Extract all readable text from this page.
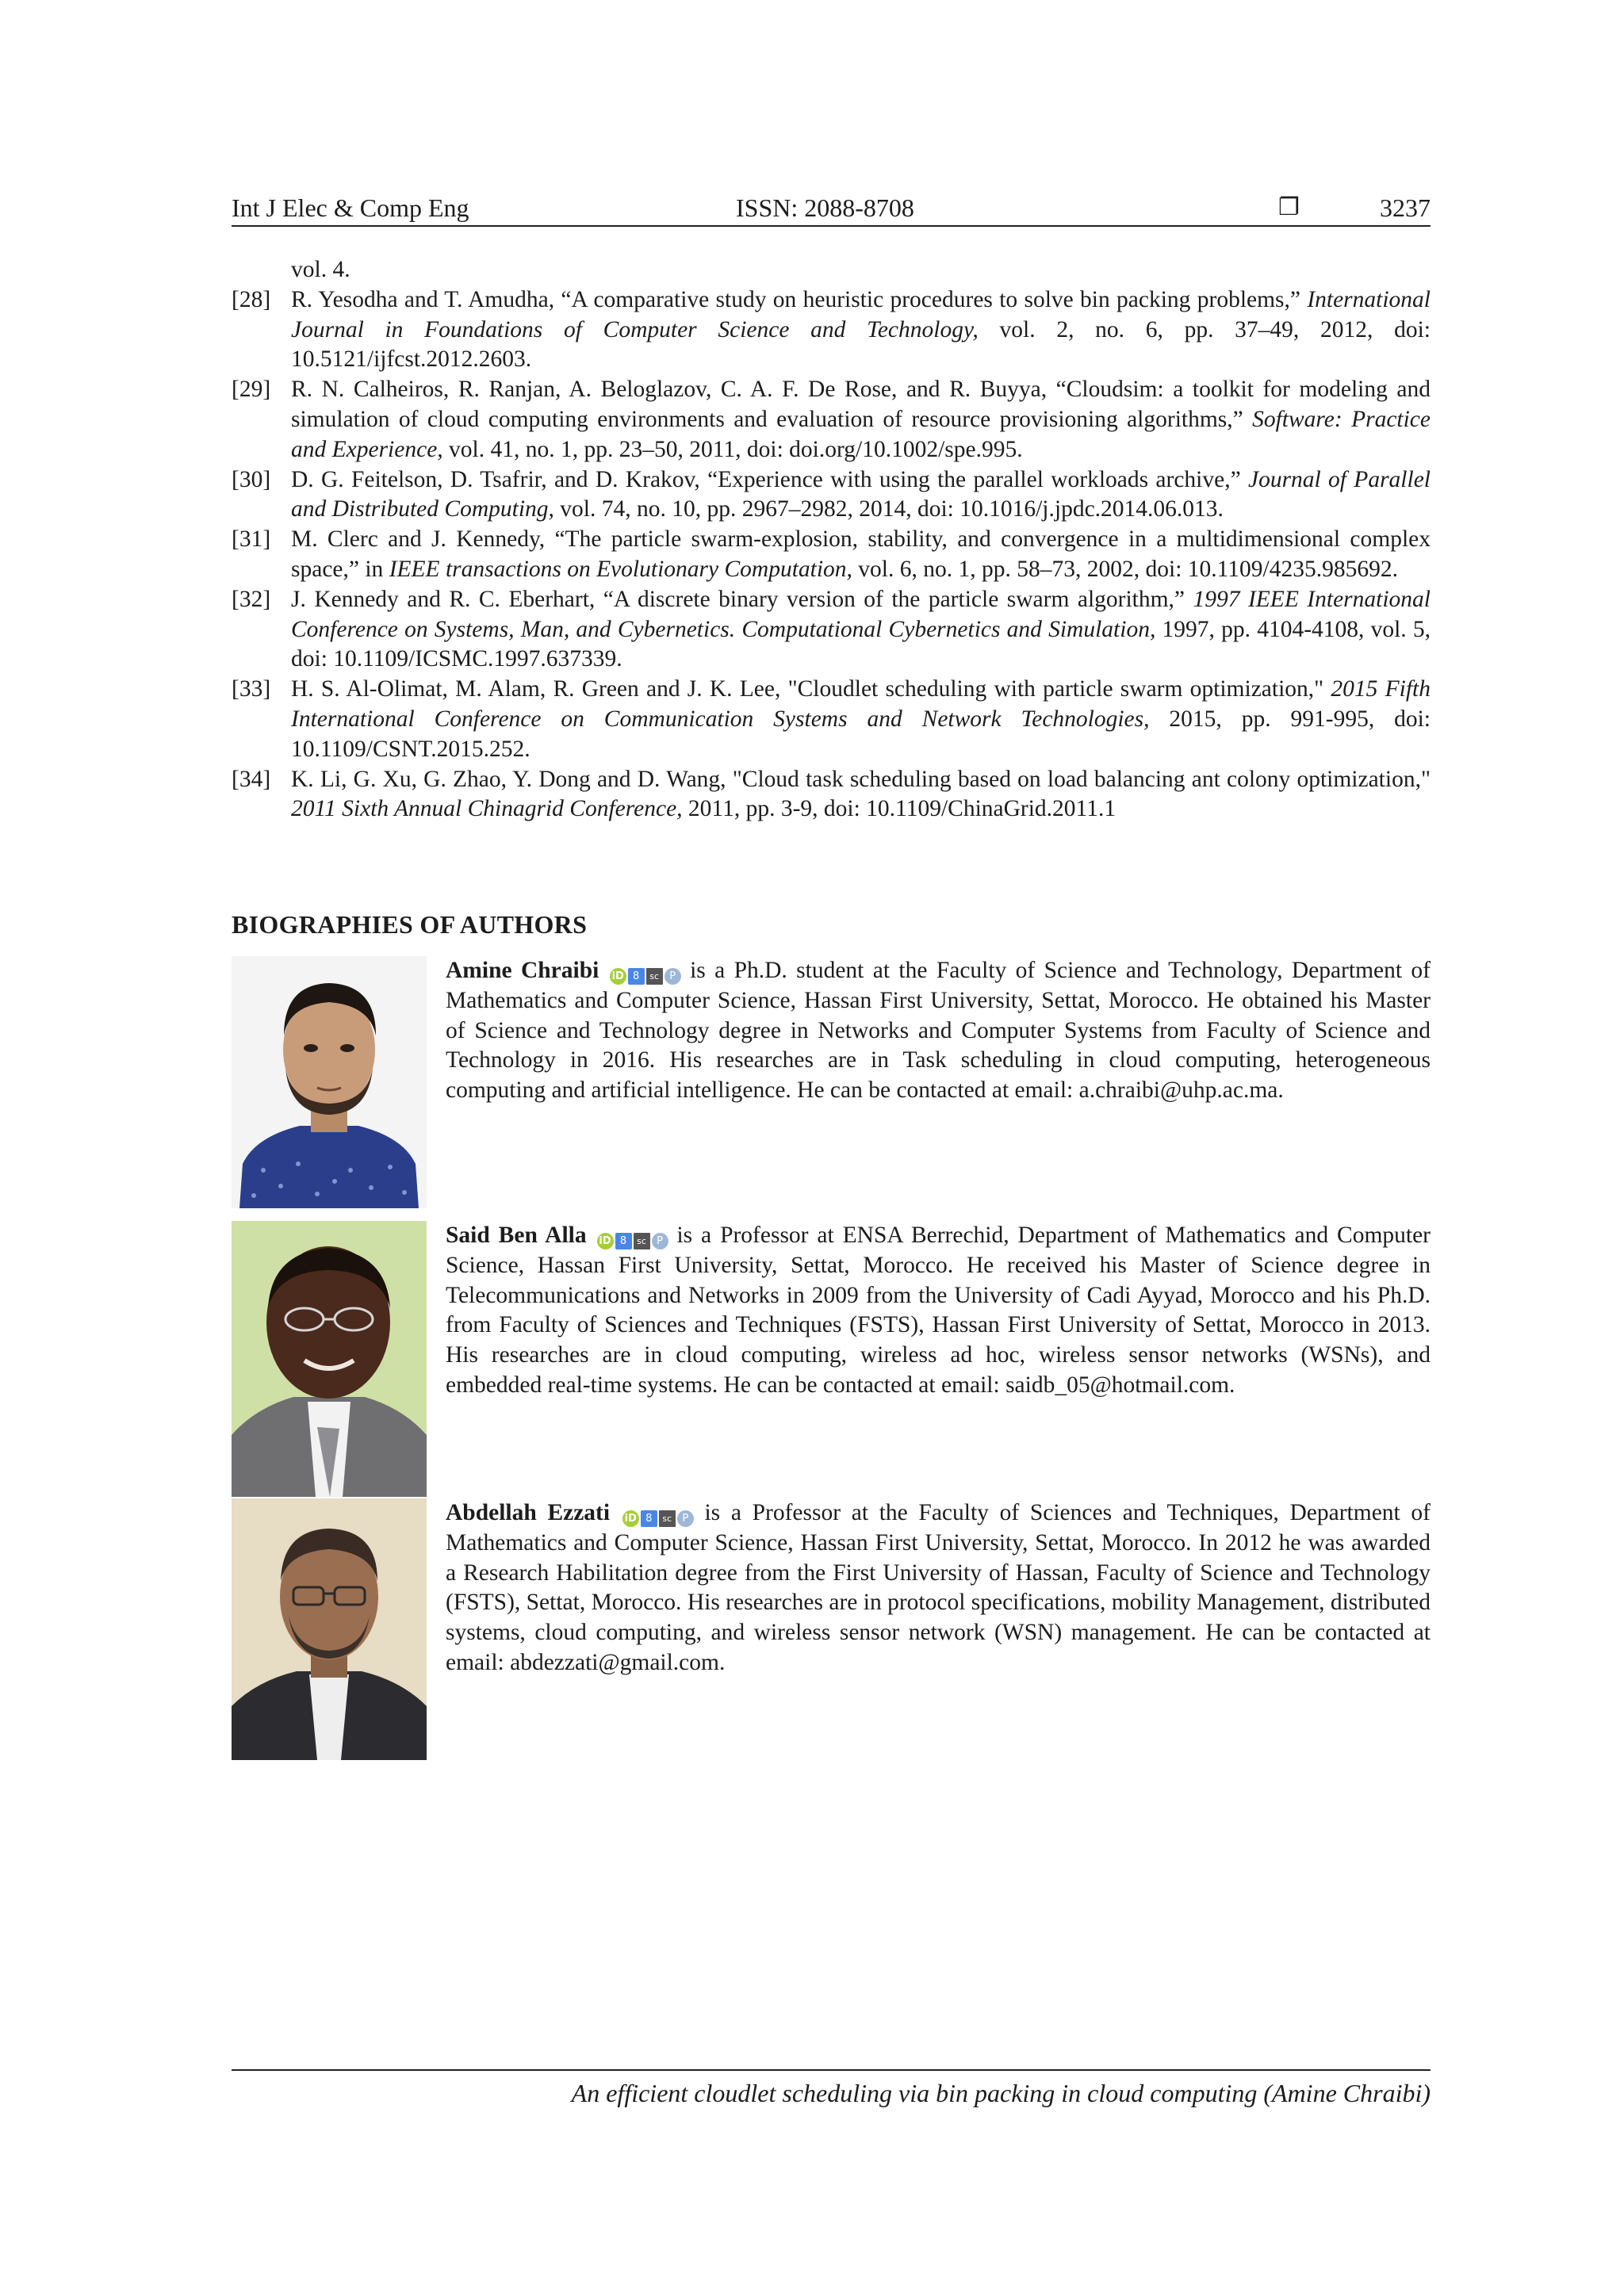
Int J Elec & Comp Eng	ISSN: 2088-8708	❐	3237
vol. 4.
[28] R. Yesodha and T. Amudha, “A comparative study on heuristic procedures to solve bin packing problems,” International Journal in Foundations of Computer Science and Technology, vol. 2, no. 6, pp. 37–49, 2012, doi: 10.5121/ijfcst.2012.2603.
[29] R. N. Calheiros, R. Ranjan, A. Beloglazov, C. A. F. De Rose, and R. Buyya, “Cloudsim: a toolkit for modeling and simulation of cloud computing environments and evaluation of resource provisioning algorithms,” Software: Practice and Experience, vol. 41, no. 1, pp. 23–50, 2011, doi: doi.org/10.1002/spe.995.
[30] D. G. Feitelson, D. Tsafrir, and D. Krakov, “Experience with using the parallel workloads archive,” Journal of Parallel and Distributed Computing, vol. 74, no. 10, pp. 2967–2982, 2014, doi: 10.1016/j.jpdc.2014.06.013.
[31] M. Clerc and J. Kennedy, “The particle swarm-explosion, stability, and convergence in a multidimensional complex space,” in IEEE transactions on Evolutionary Computation, vol. 6, no. 1, pp. 58–73, 2002, doi: 10.1109/4235.985692.
[32] J. Kennedy and R. C. Eberhart, “A discrete binary version of the particle swarm algorithm,” 1997 IEEE International Conference on Systems, Man, and Cybernetics. Computational Cybernetics and Simulation, 1997, pp. 4104-4108, vol. 5, doi: 10.1109/ICSMC.1997.637339.
[33] H. S. Al-Olimat, M. Alam, R. Green and J. K. Lee, "Cloudlet scheduling with particle swarm optimization," 2015 Fifth International Conference on Communication Systems and Network Technologies, 2015, pp. 991-995, doi: 10.1109/CSNT.2015.252.
[34] K. Li, G. Xu, G. Zhao, Y. Dong and D. Wang, "Cloud task scheduling based on load balancing ant colony optimization," 2011 Sixth Annual Chinagrid Conference, 2011, pp. 3-9, doi: 10.1109/ChinaGrid.2011.1
BIOGRAPHIES OF AUTHORS
Amine Chraibi iD 8 sc P is a Ph.D. student at the Faculty of Science and Technology, Department of Mathematics and Computer Science, Hassan First University, Settat, Morocco. He obtained his Master of Science and Technology degree in Networks and Computer Systems from Faculty of Science and Technology in 2016. His researches are in Task scheduling in cloud computing, heterogeneous computing and artificial intelligence. He can be contacted at email: a.chraibi@uhp.ac.ma.
Said Ben Alla iD 8 sc P is a Professor at ENSA Berrechid, Department of Mathematics and Computer Science, Hassan First University, Settat, Morocco. He received his Master of Science degree in Telecommunications and Networks in 2009 from the University of Cadi Ayyad, Morocco and his Ph.D. from Faculty of Sciences and Techniques (FSTS), Hassan First University of Settat, Morocco in 2013. His researches are in cloud computing, wireless ad hoc, wireless sensor networks (WSNs), and embedded real-time systems. He can be contacted at email: saidb_05@hotmail.com.
Abdellah Ezzati iD 8 sc P is a Professor at the Faculty of Sciences and Techniques, Department of Mathematics and Computer Science, Hassan First University, Settat, Morocco. In 2012 he was awarded a Research Habilitation degree from the First University of Hassan, Faculty of Science and Technology (FSTS), Settat, Morocco. His researches are in protocol specifications, mobility Management, distributed systems, cloud computing, and wireless sensor network (WSN) management. He can be contacted at email: abdezzati@gmail.com.
An efficient cloudlet scheduling via bin packing in cloud computing (Amine Chraibi)
